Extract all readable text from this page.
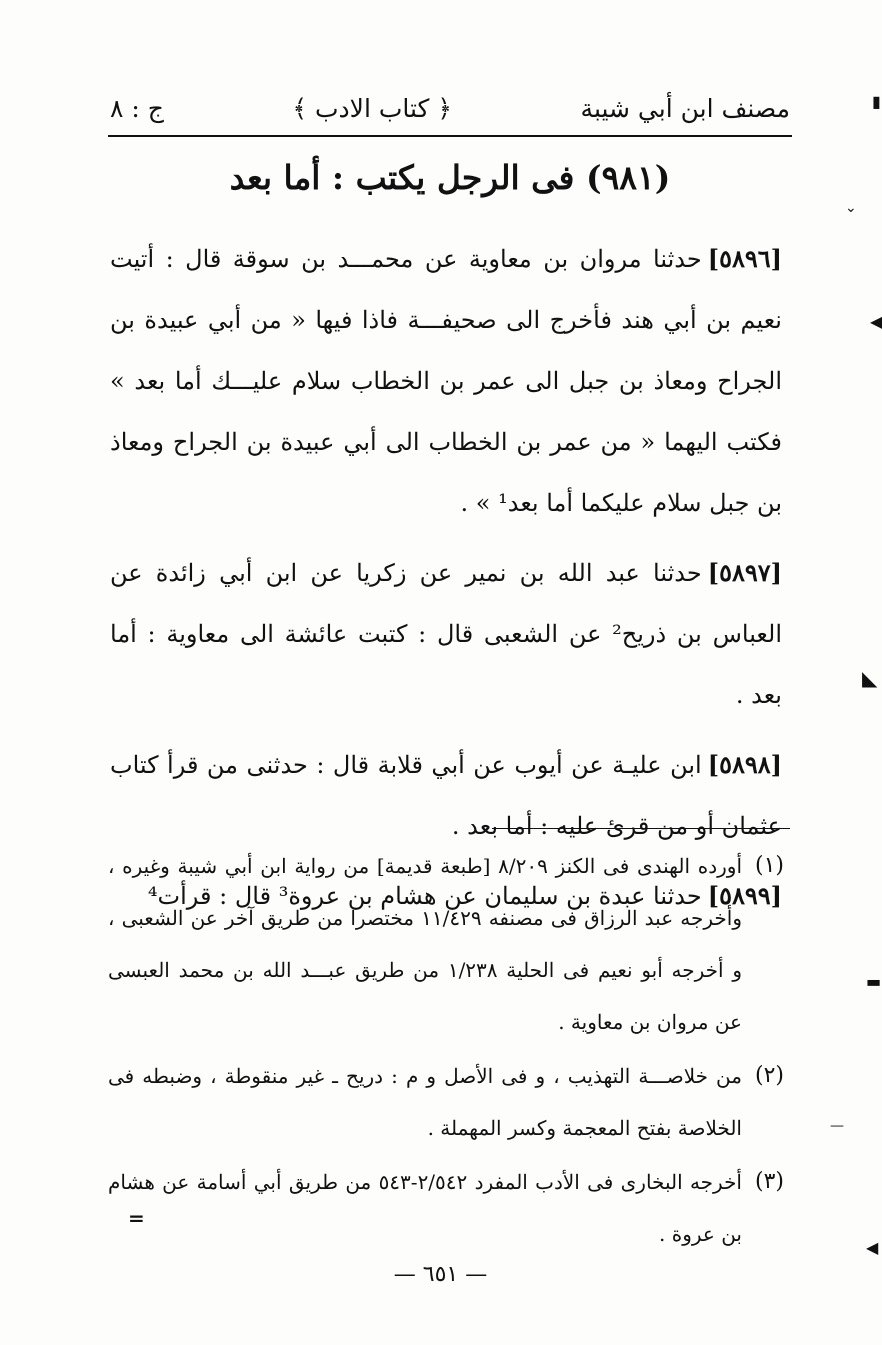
مصنف ابن أبي شيبة
﴿ كتاب الادب ﴾
ج : ٨
(٩٨١) فى الرجل يكتب : أما بعد

[٥٨٩٦]حدثنا مروان بن معاوية عن محمـــد بن سوقة قال : أتيت نعيم بن أبي هند فأخرج الى صحيفـــة فاذا فيها « من أبي عبيدة بن الجراح ومعاذ بن جبل الى عمر بن الخطاب سلام عليـــك أما بعد » فكتب اليهما « من عمر بن الخطاب الى أبي عبيدة بن الجراح ومعاذ بن جبل سلام عليكما أما بعد¹ » .

[٥٨٩٧]حدثنا عبد الله بن نمير عن زكريا عن ابن أبي زائدة عن العباس بن ذريح² عن الشعبى قال : كتبت عائشة الى معاوية : أما بعد .

[٥٨٩٨]ابن عليـة عن أيوب عن أبي قلابة قال : حدثنى من قرأ كتاب عثمان أو من قرئ عليه : أما بعد .

[٥٨٩٩]حدثنا عبدة بن سليمان عن هشام بن عروة³ قال : قرأت⁴

(١)
أورده الهندى فى الكنز ٨/٢٠٩ [طبعة قديمة] من رواية ابن أبي شيبة وغيره ، وأخرجه عبد الرزاق فى مصنفه ١١/٤٢٩ مختصرا من طريق آخر عن الشعبى ، و أخرجه أبو نعيم فى الحلية ١/٢٣٨ من طريق عبـــد الله بن محمد العبسى عن مروان بن معاوية .

(٢)
من خلاصـــة التهذيب ، و فى الأصل و م : دريح ـ غير منقوطة ، وضبطه فى الخلاصة بفتح المعجمة وكسر المهملة .

(٣)
أخرجه البخارى فى الأدب المفرد ٢/٥٤٢-٥٤٣ من طريق أبي أسامة عن هشام بن عروة .

=
— ٦٥١ —
▮
⌄
◀
◣
▬
—
◀
